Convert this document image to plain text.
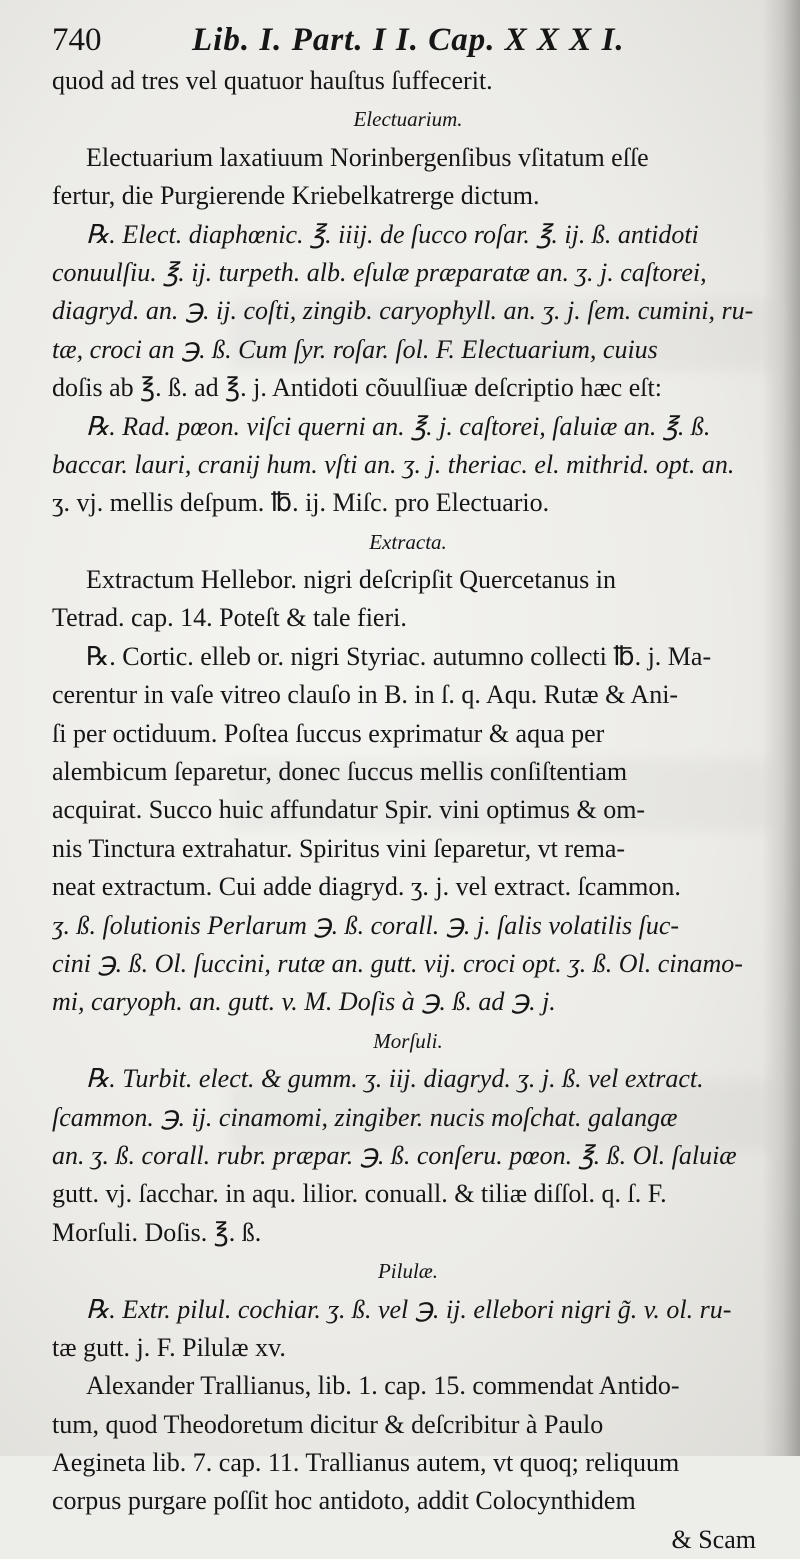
740	Lib. I. Part. I I. Cap. X X X I.
quod ad tres vel quatuor hauſtus ſuffecerit.
Electuarium.
Electuarium laxatiuum Norinbergenſibus vſitatum eſſe
fertur, die Purgierende Kriebelkatrerge dictum.
℞. Elect. diaphœnic. ℥. iiij. de ſucco roſar. ℥. ij. ß. antidoti
conuulſiu. ℥. ij. turpeth. alb. eſulæ præparatæ an. ʒ. j. caſtorei,
diagryd. an. ℈. ij. coſti, zingib. caryophyll. an. ʒ. j. ſem. cumini, ru-
tæ, croci an ℈. ß. Cum ſyr. roſar. ſol. F. Electuarium, cuius
doſis ab ℥. ß. ad ℥. j. Antidoti cõuulſiuæ deſcriptio hæc eſt:
℞. Rad. pœon. viſci querni an. ℥. j. caſtorei, ſaluiæ an. ℥. ß.
baccar. lauri, cranij hum. vſti an. ʒ. j. theriac. el. mithrid. opt. an.
ʒ. vj. mellis deſpum. ℔. ij. Miſc. pro Electuario.
Extracta.
Extractum Hellebor. nigri deſcripſit Quercetanus in
Tetrad. cap. 14. Poteſt & tale fieri.
℞. Cortic. elleb or. nigri Styriac. autumno collecti ℔. j. Ma-
cerentur in vaſe vitreo clauſo in B. in ſ. q. Aqu. Rutæ & Ani-
ſi per octiduum. Poſtea ſuccus exprimatur & aqua per
alembicum ſeparetur, donec ſuccus mellis conſiſtentiam
acquirat. Succo huic affundatur Spir. vini optimus & om-
nis Tinctura extrahatur. Spiritus vini ſeparetur, vt rema-
neat extractum. Cui adde diagryd. ʒ. j. vel extract. ſcammon.
ʒ. ß. ſolutionis Perlarum ℈. ß. corall. ℈. j. ſalis volatilis ſuc-
cini ℈. ß. Ol. ſuccini, rutæ an. gutt. vij. croci opt. ʒ. ß. Ol. cinamo-
mi, caryoph. an. gutt. v. M. Doſis à ℈. ß. ad ℈. j.
Morſuli.
℞. Turbit. elect. & gumm. ʒ. iij. diagryd. ʒ. j. ß. vel extract.
ſcammon. ℈. ij. cinamomi, zingiber. nucis moſchat. galangæ
an. ʒ. ß. corall. rubr. præpar. ℈. ß. conſeru. pœon. ℥. ß. Ol. ſaluiæ
gutt. vj. ſacchar. in aqu. lilior. conuall. & tiliæ diſſol. q. ſ. F.
Morſuli. Doſis. ℥. ß.
Pilulæ.
℞. Extr. pilul. cochiar. ʒ. ß. vel ℈. ij. ellebori nigri g̃. v. ol. ru-
tæ gutt. j. F. Pilulæ xv.
Alexander Trallianus, lib. 1. cap. 15. commendat Antido-
tum, quod Theodoretum dicitur & deſcribitur à Paulo
Aegineta lib. 7. cap. 11. Trallianus autem, vt quoq; reliquum
corpus purgare poſſit hoc antidoto, addit Colocynthidem
& Scam
